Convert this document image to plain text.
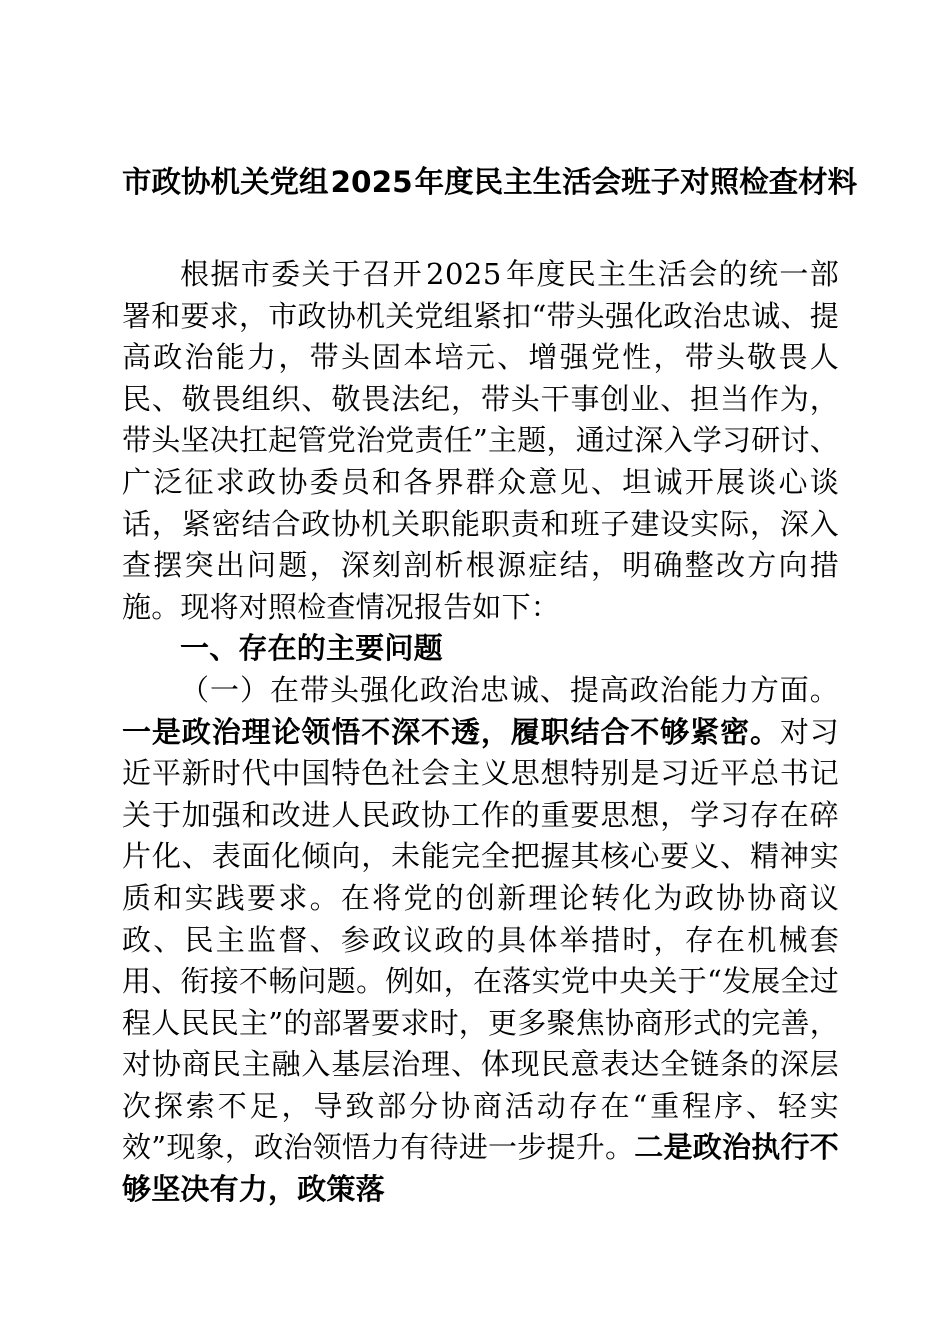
市政协机关党组2025年度民主生活会班子对照检查材料

根据市委关于召开 2025 年度民主生活会的统一部署和要求，市政协机关党组紧扣“带头强化政治忠诚、提高政治能力，带头固本培元、增强党性，带头敬畏人民、敬畏组织、敬畏法纪，带头干事创业、担当作为，带头坚决扛起管党治党责任”主题，通过深入学习研讨、广泛征求政协委员和各界群众意见、坦诚开展谈心谈话，紧密结合政协机关职能职责和班子建设实际，深入查摆突出问题，深刻剖析根源症结，明确整改方向措施。现将对照检查情况报告如下：

一、存在的主要问题

（一）在带头强化政治忠诚、提高政治能力方面。一是政治理论领悟不深不透，履职结合不够紧密。对习近平新时代中国特色社会主义思想特别是习近平总书记关于加强和改进人民政协工作的重要思想，学习存在碎片化、表面化倾向，未能完全把握其核心要义、精神实质和实践要求。在将党的创新理论转化为政协协商议政、民主监督、参政议政的具体举措时，存在机械套用、衔接不畅问题。例如，在落实党中央关于“发展全过程人民民主”的部署要求时，更多聚焦协商形式的完善，对协商民主融入基层治理、体现民意表达全链条的深层次探索不足，导致部分协商活动存在“重程序、轻实效”现象，政治领悟力有待进一步提升。二是政治执行不够坚决有力，政策落
